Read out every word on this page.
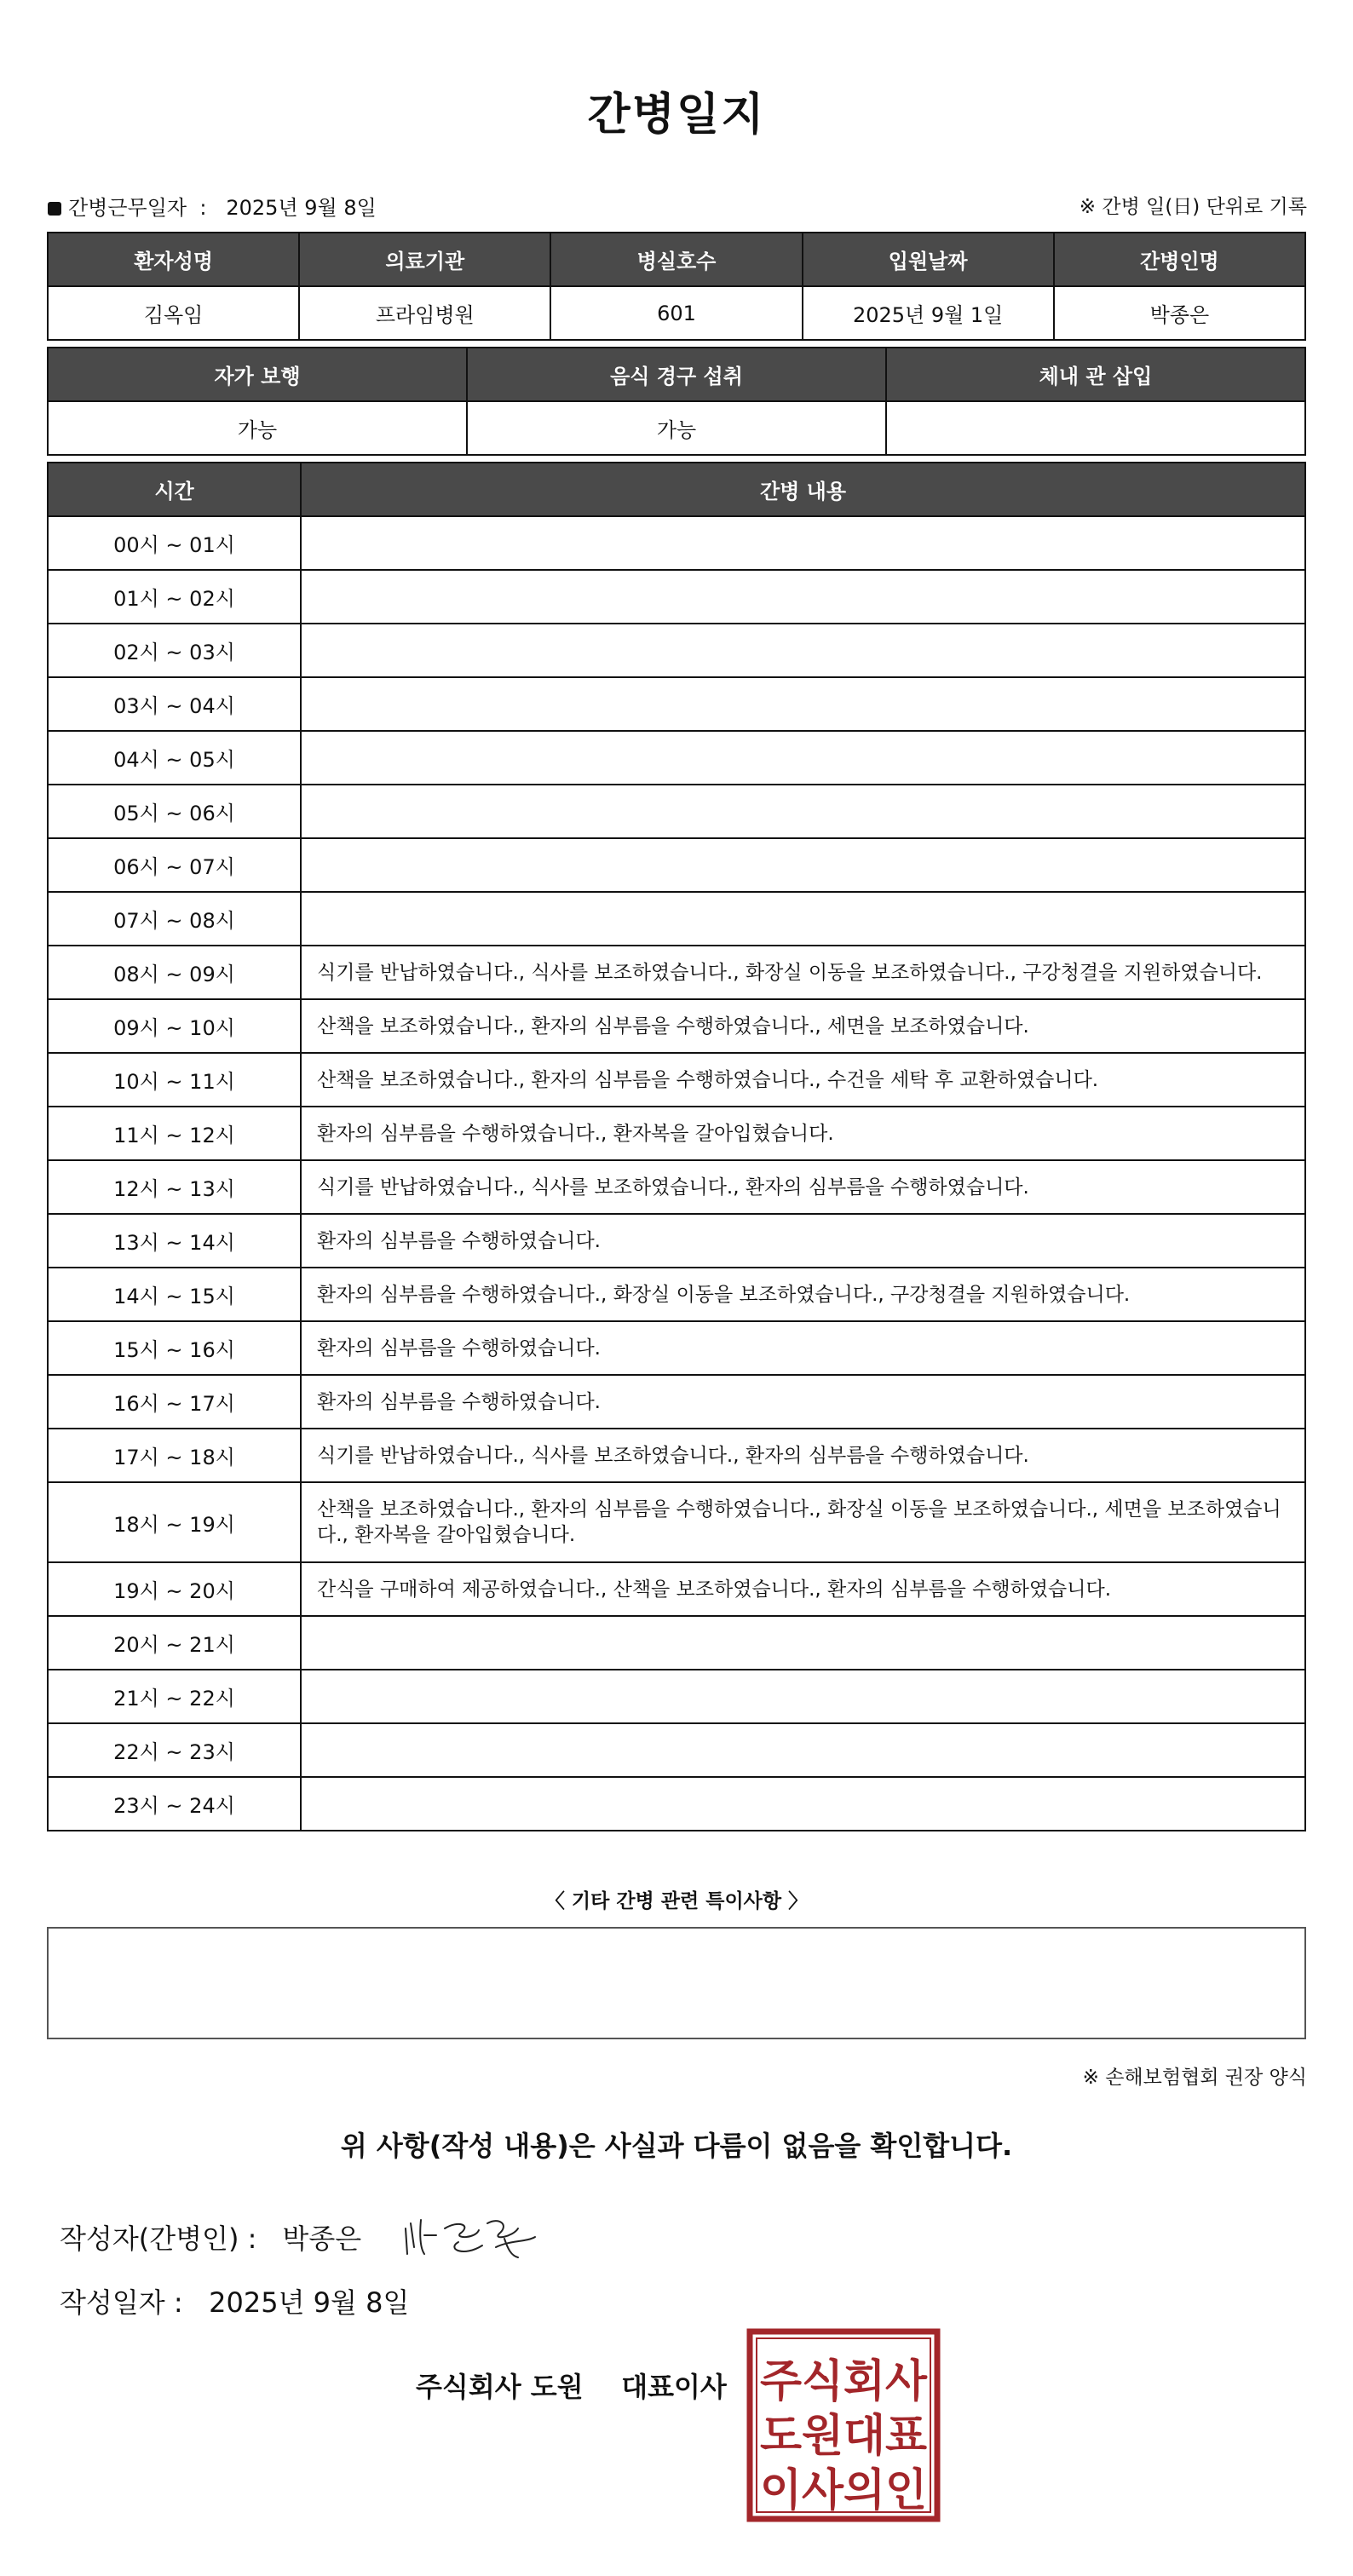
간병일지
간병근무일자 : 2025년 9월 8일	※ 간병 일(日) 단위로 기록
환자성명	의료기관	병실호수	입원날짜	간병인명
김옥임	프라임병원	601	2025년 9월 1일	박종은
자가 보행	음식 경구 섭취	체내 관 삽입
가능	가능	
시간	간병 내용
00시 ~ 01시	
01시 ~ 02시	
02시 ~ 03시	
03시 ~ 04시	
04시 ~ 05시	
05시 ~ 06시	
06시 ~ 07시	
07시 ~ 08시	
08시 ~ 09시	식기를 반납하였습니다., 식사를 보조하였습니다., 화장실 이동을 보조하였습니다., 구강청결을 지원하였습니다.
09시 ~ 10시	산책을 보조하였습니다., 환자의 심부름을 수행하였습니다., 세면을 보조하였습니다.
10시 ~ 11시	산책을 보조하였습니다., 환자의 심부름을 수행하였습니다., 수건을 세탁 후 교환하였습니다.
11시 ~ 12시	환자의 심부름을 수행하였습니다., 환자복을 갈아입혔습니다.
12시 ~ 13시	식기를 반납하였습니다., 식사를 보조하였습니다., 환자의 심부름을 수행하였습니다.
13시 ~ 14시	환자의 심부름을 수행하였습니다.
14시 ~ 15시	환자의 심부름을 수행하였습니다., 화장실 이동을 보조하였습니다., 구강청결을 지원하였습니다.
15시 ~ 16시	환자의 심부름을 수행하였습니다.
16시 ~ 17시	환자의 심부름을 수행하였습니다.
17시 ~ 18시	식기를 반납하였습니다., 식사를 보조하였습니다., 환자의 심부름을 수행하였습니다.
18시 ~ 19시	산책을 보조하였습니다., 환자의 심부름을 수행하였습니다., 화장실 이동을 보조하였습니다., 세면을 보조하였습니다., 환자복을 갈아입혔습니다.
19시 ~ 20시	간식을 구매하여 제공하였습니다., 산책을 보조하였습니다., 환자의 심부름을 수행하였습니다.
20시 ~ 21시	
21시 ~ 22시	
22시 ~ 23시	
23시 ~ 24시	
〈 기타 간병 관련 특이사항 〉
※ 손해보험협회 권장 양식
위 사항(작성 내용)은 사실과 다름이 없음을 확인합니다.
작성자(간병인) : 박종은
작성일자 : 2025년 9월 8일
주식회사 도원 대표이사 주식회사
도원대표
이사의인
